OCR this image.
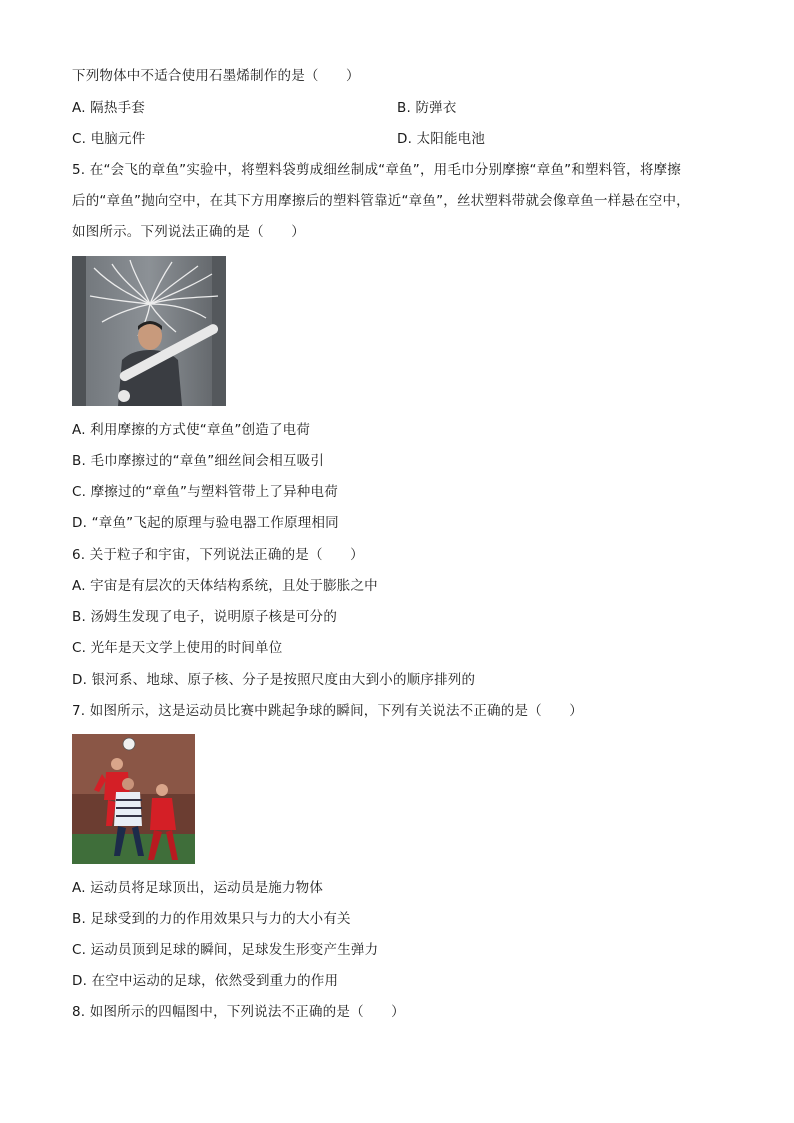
下列物体中不适合使用石墨烯制作的是（　　）
A. 隔热手套	B. 防弹衣
C. 电脑元件	D. 太阳能电池
5. 在“会飞的章鱼”实验中，将塑料袋剪成细丝制成“章鱼”，用毛巾分别摩擦“章鱼”和塑料管，将摩擦
后的“章鱼”抛向空中，在其下方用摩擦后的塑料管靠近“章鱼”，丝状塑料带就会像章鱼一样悬在空中，
如图所示。下列说法正确的是（　　）
A. 利用摩擦的方式使“章鱼”创造了电荷
B. 毛巾摩擦过的“章鱼”细丝间会相互吸引
C. 摩擦过的“章鱼”与塑料管带上了异种电荷
D. “章鱼”飞起的原理与验电器工作原理相同
6. 关于粒子和宇宙，下列说法正确的是（　　）
A. 宇宙是有层次的天体结构系统，且处于膨胀之中
B. 汤姆生发现了电子，说明原子核是可分的
C. 光年是天文学上使用的时间单位
D. 银河系、地球、原子核、分子是按照尺度由大到小的顺序排列的
7. 如图所示，这是运动员比赛中跳起争球的瞬间，下列有关说法不正确的是（　　）
A. 运动员将足球顶出，运动员是施力物体
B. 足球受到的力的作用效果只与力的大小有关
C. 运动员顶到足球的瞬间，足球发生形变产生弹力
D. 在空中运动的足球，依然受到重力的作用
8. 如图所示的四幅图中，下列说法不正确的是（　　）
